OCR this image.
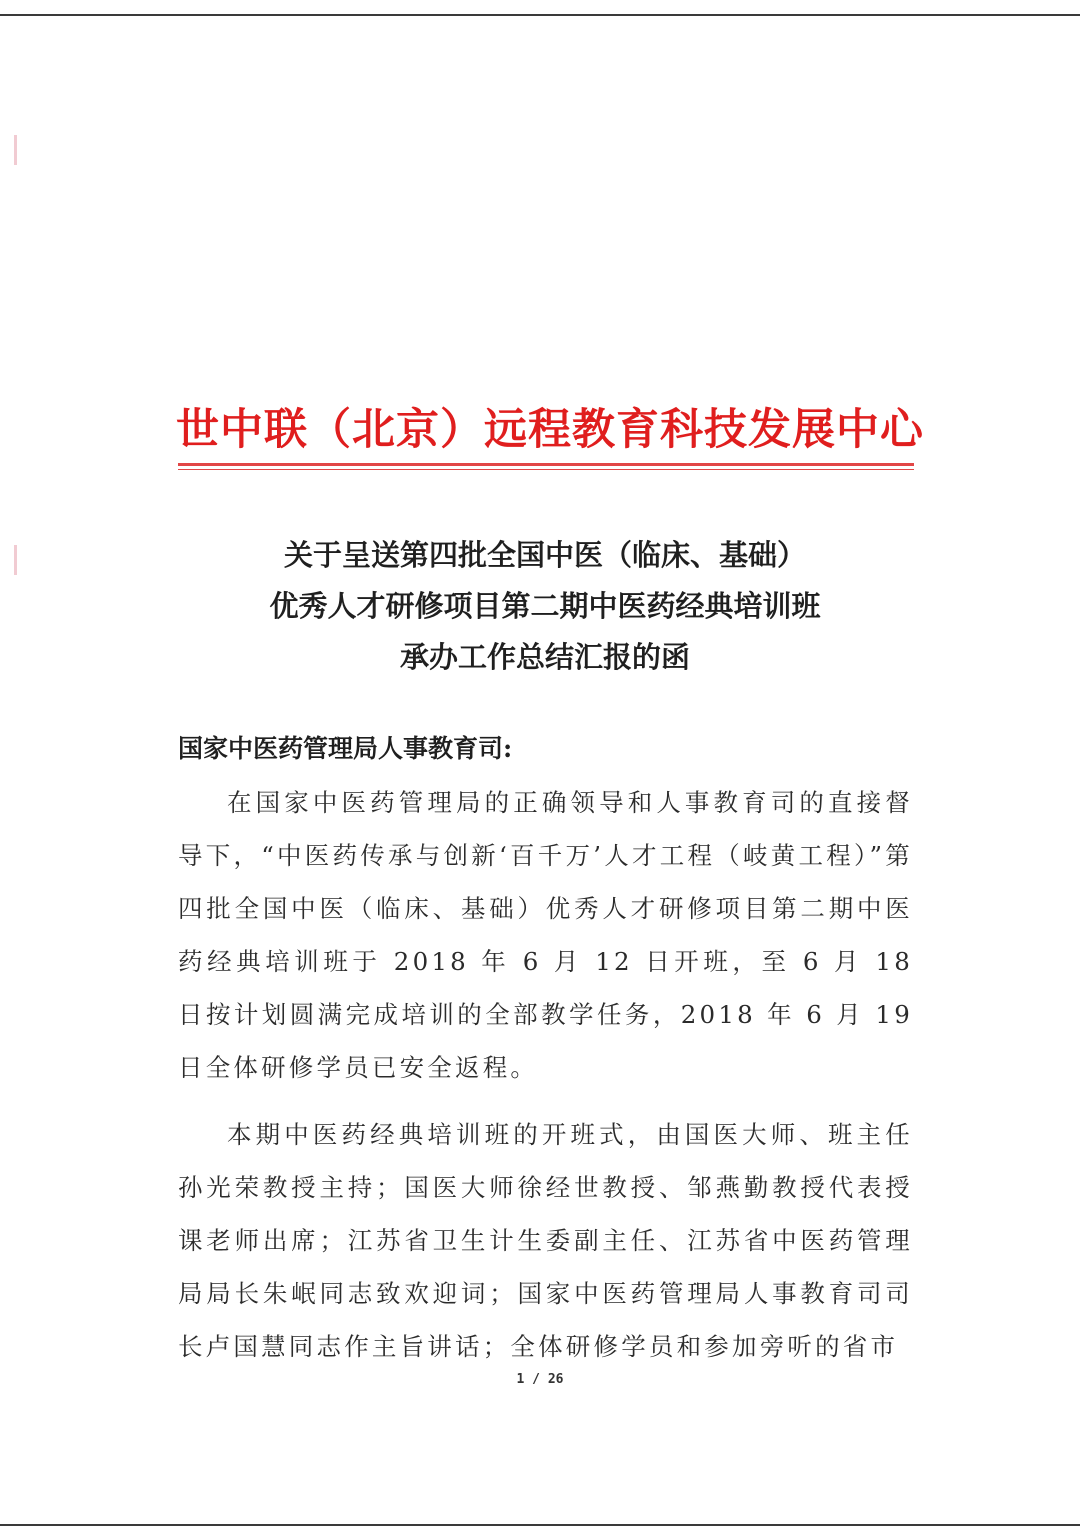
世中联（北京）远程教育科技发展中心
关于呈送第四批全国中医（临床、基础）
优秀人才研修项目第二期中医药经典培训班
承办工作总结汇报的函
国家中医药管理局人事教育司:

在国家中医药管理局的正确领导和人事教育司的直接督导下，“中医药传承与创新‘百千万’人才工程（岐黄工程）”第四批全国中医（临床、基础）优秀人才研修项目第二期中医药经典培训班于 2018 年 6 月 12 日开班，至 6 月 18 日按计划圆满完成培训的全部教学任务，2018 年 6 月 19 日全体研修学员已安全返程。

本期中医药经典培训班的开班式，由国医大师、班主任孙光荣教授主持；国医大师徐经世教授、邹燕勤教授代表授课老师出席；江苏省卫生计生委副主任、江苏省中医药管理局局长朱岷同志致欢迎词；国家中医药管理局人事教育司司长卢国慧同志作主旨讲话；全体研修学员和参加旁听的省市

1 / 26
